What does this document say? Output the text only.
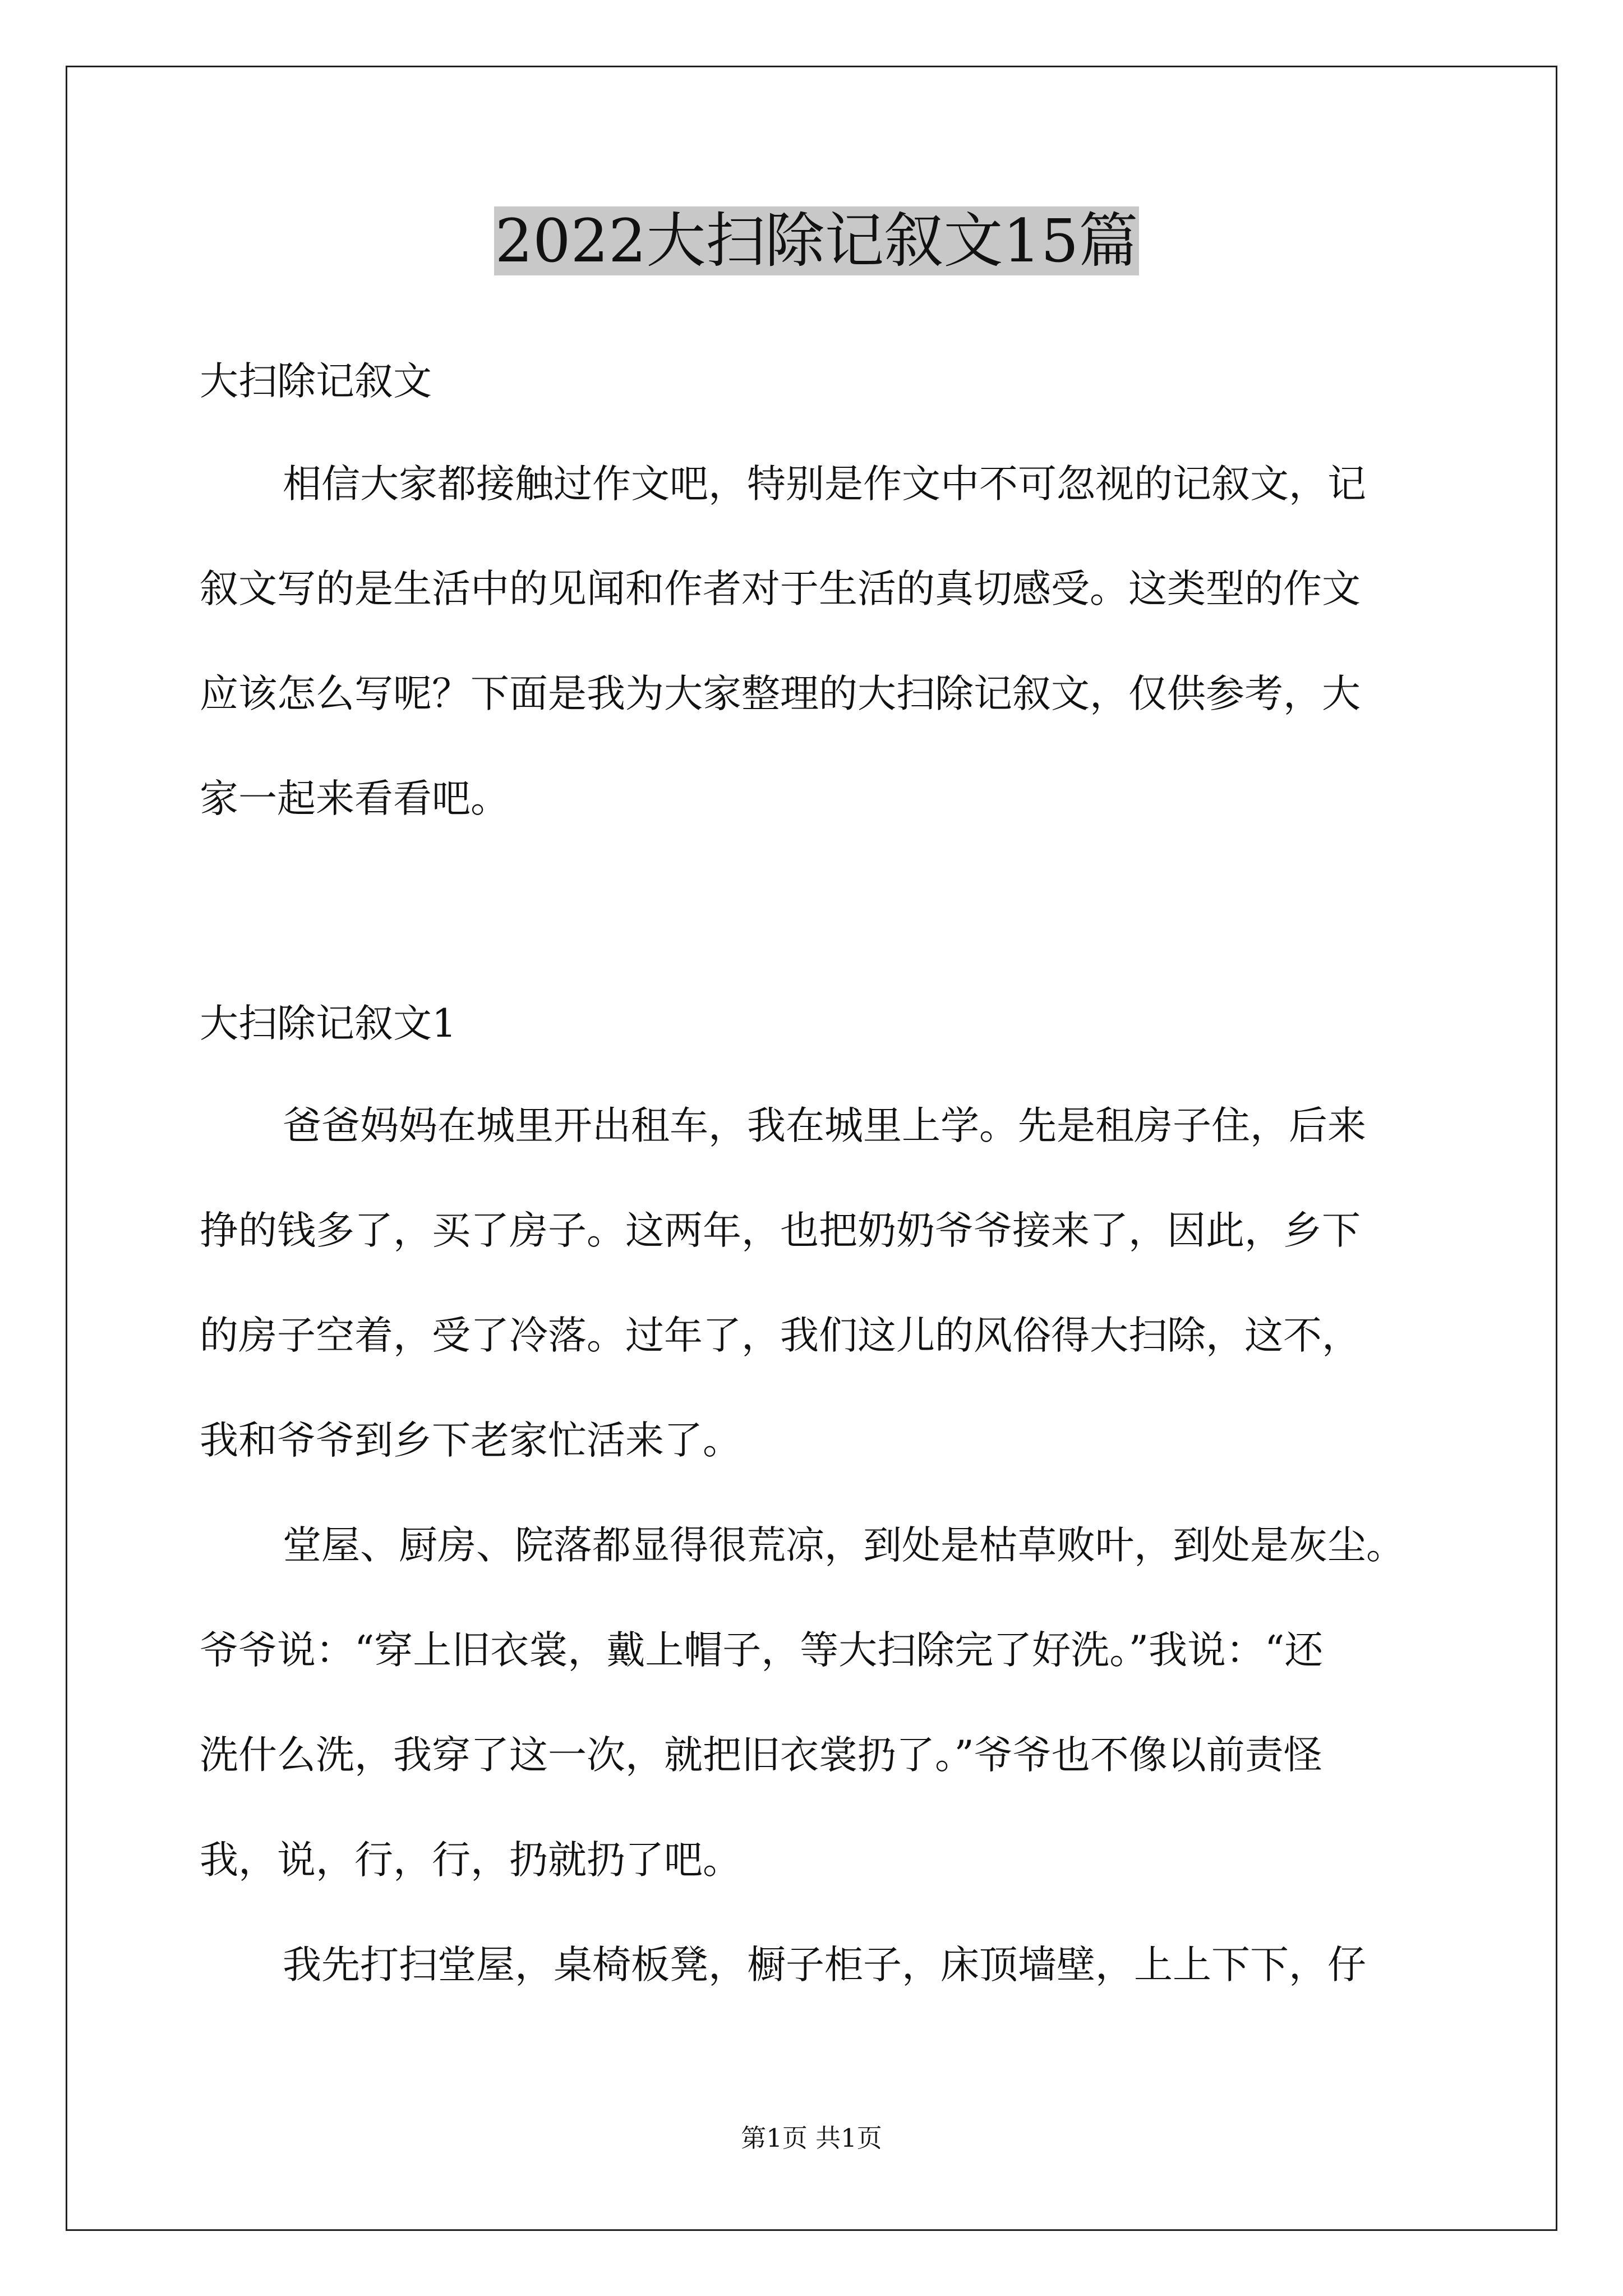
2022大扫除记叙文15篇
大扫除记叙文
相信大家都接触过作文吧，特别是作文中不可忽视的记叙文，记
叙文写的是生活中的见闻和作者对于生活的真切感受。这类型的作文
应该怎么写呢？下面是我为大家整理的大扫除记叙文，仅供参考，大
家一起来看看吧。
大扫除记叙文1
爸爸妈妈在城里开出租车，我在城里上学。先是租房子住，后来
挣的钱多了，买了房子。这两年，也把奶奶爷爷接来了，因此，乡下
的房子空着，受了冷落。过年了，我们这儿的风俗得大扫除，这不，
我和爷爷到乡下老家忙活来了。
堂屋、厨房、院落都显得很荒凉，到处是枯草败叶，到处是灰尘。
爷爷说：“穿上旧衣裳，戴上帽子，等大扫除完了好洗。”我说：“还
洗什么洗，我穿了这一次，就把旧衣裳扔了。”爷爷也不像以前责怪
我，说，行，行，扔就扔了吧。
我先打扫堂屋，桌椅板凳，橱子柜子，床顶墙壁，上上下下，仔
第1页 共1页
